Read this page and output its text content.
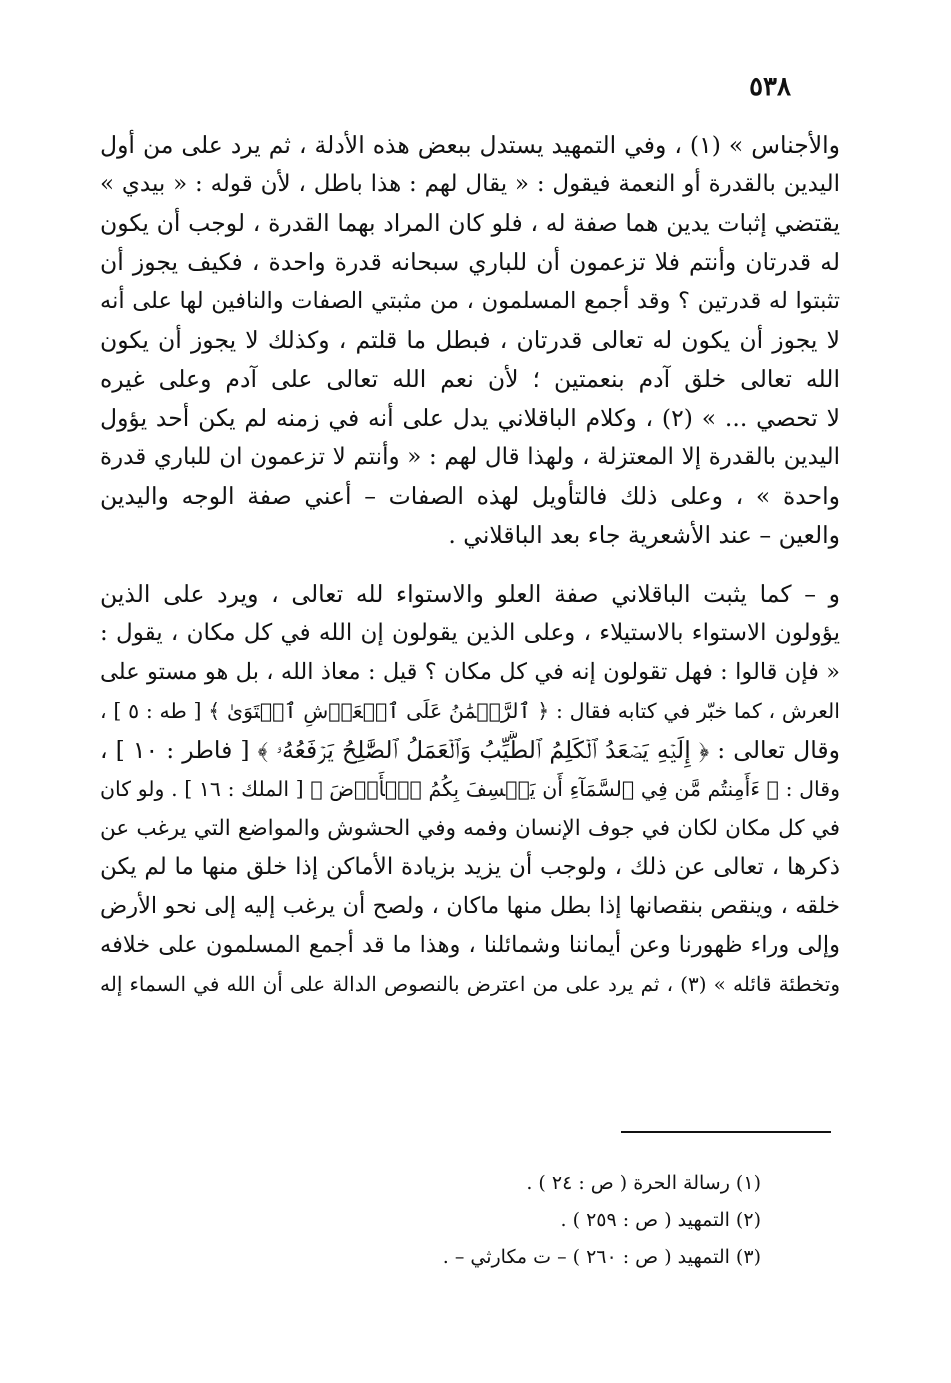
٥٣٨
والأجناس » (١) ، وفي التمهيد يستدل ببعض هذه الأدلة ، ثم يرد على من أول
اليدين بالقدرة أو النعمة فيقول : « يقال لهم : هذا باطل ، لأن قوله : « بيدي »
يقتضي إثبات يدين هما صفة له ، فلو كان المراد بهما القدرة ، لوجب أن يكون
له قدرتان وأنتم فلا تزعمون أن للباري سبحانه قدرة واحدة ، فكيف يجوز أن
تثبتوا له قدرتين ؟ وقد أجمع المسلمون ، من مثبتي الصفات والنافين لها على أنه
لا يجوز أن يكون له تعالى قدرتان ، فبطل ما قلتم ، وكذلك لا يجوز أن يكون
الله تعالى خلق آدم بنعمتين ؛ لأن نعم الله تعالى على آدم وعلى غيره
لا تحصي ... » (٢) ، وكلام الباقلاني يدل على أنه في زمنه لم يكن أحد يؤول
اليدين بالقدرة إلا المعتزلة ، ولهذا قال لهم : « وأنتم لا تزعمون ان للباري قدرة
واحدة » ، وعلى ذلك فالتأويل لهذه الصفات – أعني صفة الوجه واليدين
والعين – عند الأشعرية جاء بعد الباقلاني .
و – كما يثبت الباقلاني صفة العلو والاستواء لله تعالى ، ويرد على الذين
يؤولون الاستواء بالاستيلاء ، وعلى الذين يقولون إن الله في كل مكان ، يقول :
« فإن قالوا : فهل تقولون إنه في كل مكان ؟ قيل : معاذ الله ، بل هو مستو على
العرش ، كما خبّر في كتابه فقال : ﴿ ٱلرَّحۡمَٰنُ عَلَى ٱلۡعَرۡشِ ٱسۡتَوَىٰ ﴾ [ طه : ٥ ] ،
وقال تعالى : ﴿ إِلَيۡهِ يَصۡعَدُ ٱلۡكَلِمُ ٱلطَّيِّبُ وَٱلۡعَمَلُ ٱلصَّٰلِحُ يَرۡفَعُهُۥ ﴾ [ فاطر : ١٠ ] ،
وقال : ﴿ ءَأَمِنتُم مَّن فِي ٱلسَّمَآءِ أَن يَخۡسِفَ بِكُمُ ٱلۡأَرۡضَ ﴾ [ الملك : ١٦ ] . ولو كان
في كل مكان لكان في جوف الإنسان وفمه وفي الحشوش والمواضع التي يرغب عن
ذكرها ، تعالى عن ذلك ، ولوجب أن يزيد بزيادة الأماكن إذا خلق منها ما لم يكن
خلقه ، وينقص بنقصانها إذا بطل منها ماكان ، ولصح أن يرغب إليه إلى نحو الأرض
وإلى وراء ظهورنا وعن أيماننا وشمائلنا ، وهذا ما قد أجمع المسلمون على خلافه
وتخطئة قائله » (٣) ، ثم يرد على من اعترض بالنصوص الدالة على أن الله في السماء إله
(١) رسالة الحرة ( ص : ٢٤ ) .
(٢) التمهيد ( ص : ٢٥٩ ) .
(٣) التمهيد ( ص : ٢٦٠ ) – ت مكارثي – .
